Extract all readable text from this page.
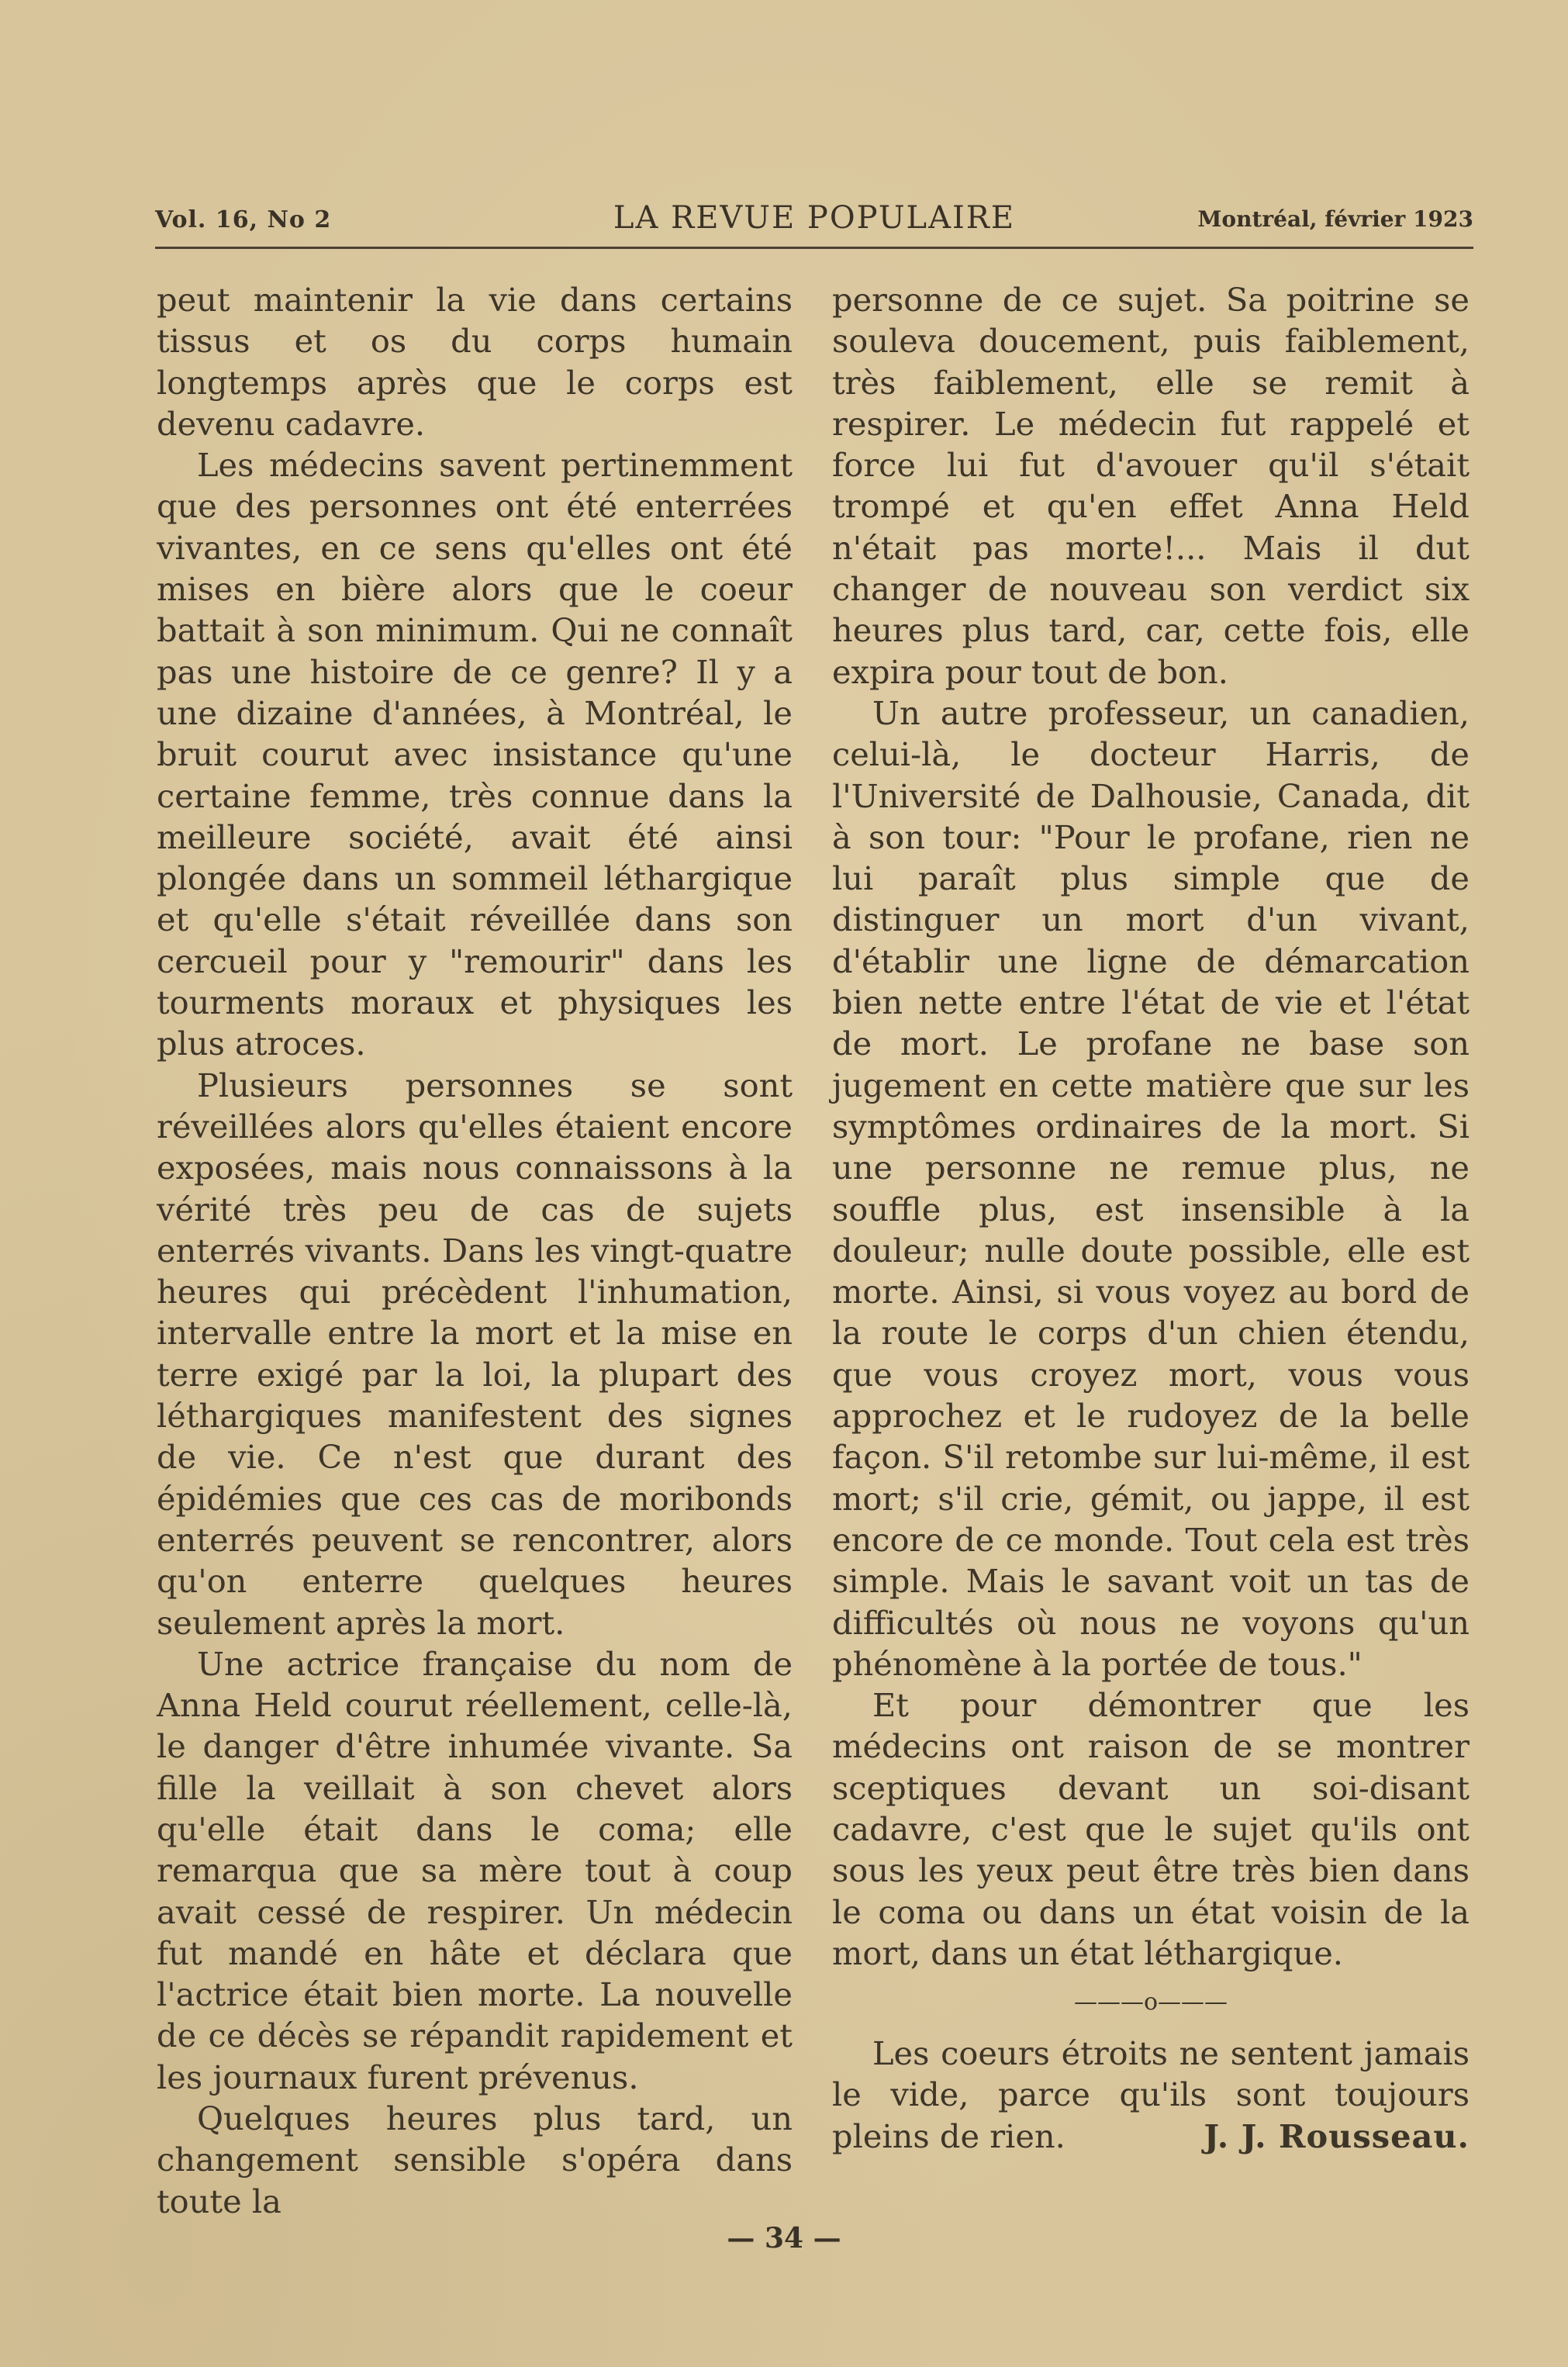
Vol. 16, No 2	LA REVUE POPULAIRE	Montréal, février 1923

peut maintenir la vie dans certains tissus et os du corps humain longtemps après que le corps est devenu cadavre.

Les médecins savent pertinemment que des personnes ont été enterrées vivantes, en ce sens qu'elles ont été mises en bière alors que le coeur battait à son minimum. Qui ne connaît pas une histoire de ce genre? Il y a une dizaine d'années, à Montréal, le bruit courut avec insistance qu'une certaine femme, très connue dans la meilleure société, avait été ainsi plongée dans un sommeil léthargique et qu'elle s'était réveillée dans son cercueil pour y "remourir" dans les tourments moraux et physiques les plus atroces.

Plusieurs personnes se sont réveillées alors qu'elles étaient encore exposées, mais nous connaissons à la vérité très peu de cas de sujets enterrés vivants. Dans les vingt-quatre heures qui précèdent l'inhumation, intervalle entre la mort et la mise en terre exigé par la loi, la plupart des léthargiques manifestent des signes de vie. Ce n'est que durant des épidémies que ces cas de moribonds enterrés peuvent se rencontrer, alors qu'on enterre quelques heures seulement après la mort.

Une actrice française du nom de Anna Held courut réellement, celle-là, le danger d'être inhumée vivante. Sa fille la veillait à son chevet alors qu'elle était dans le coma; elle remarqua que sa mère tout à coup avait cessé de respirer. Un médecin fut mandé en hâte et déclara que l'actrice était bien morte. La nouvelle de ce décès se répandit rapidement et les journaux furent prévenus.

Quelques heures plus tard, un changement sensible s'opéra dans toute la

personne de ce sujet. Sa poitrine se souleva doucement, puis faiblement, très faiblement, elle se remit à respirer. Le médecin fut rappelé et force lui fut d'avouer qu'il s'était trompé et qu'en effet Anna Held n'était pas morte!... Mais il dut changer de nouveau son verdict six heures plus tard, car, cette fois, elle expira pour tout de bon.

Un autre professeur, un canadien, celui-là, le docteur Harris, de l'Université de Dalhousie, Canada, dit à son tour: "Pour le profane, rien ne lui paraît plus simple que de distinguer un mort d'un vivant, d'établir une ligne de démarcation bien nette entre l'état de vie et l'état de mort. Le profane ne base son jugement en cette matière que sur les symptômes ordinaires de la mort. Si une personne ne remue plus, ne souffle plus, est insensible à la douleur; nulle doute possible, elle est morte. Ainsi, si vous voyez au bord de la route le corps d'un chien étendu, que vous croyez mort, vous vous approchez et le rudoyez de la belle façon. S'il retombe sur lui-même, il est mort; s'il crie, gémit, ou jappe, il est encore de ce monde. Tout cela est très simple. Mais le savant voit un tas de difficultés où nous ne voyons qu'un phénomène à la portée de tous."

Et pour démontrer que les médecins ont raison de se montrer sceptiques devant un soi-disant cadavre, c'est que le sujet qu'ils ont sous les yeux peut être très bien dans le coma ou dans un état voisin de la mort, dans un état léthargique.

———o———

Les coeurs étroits ne sentent jamais le vide, parce qu'ils sont toujours pleins de rien.	J. J. Rousseau.

— 34 —
